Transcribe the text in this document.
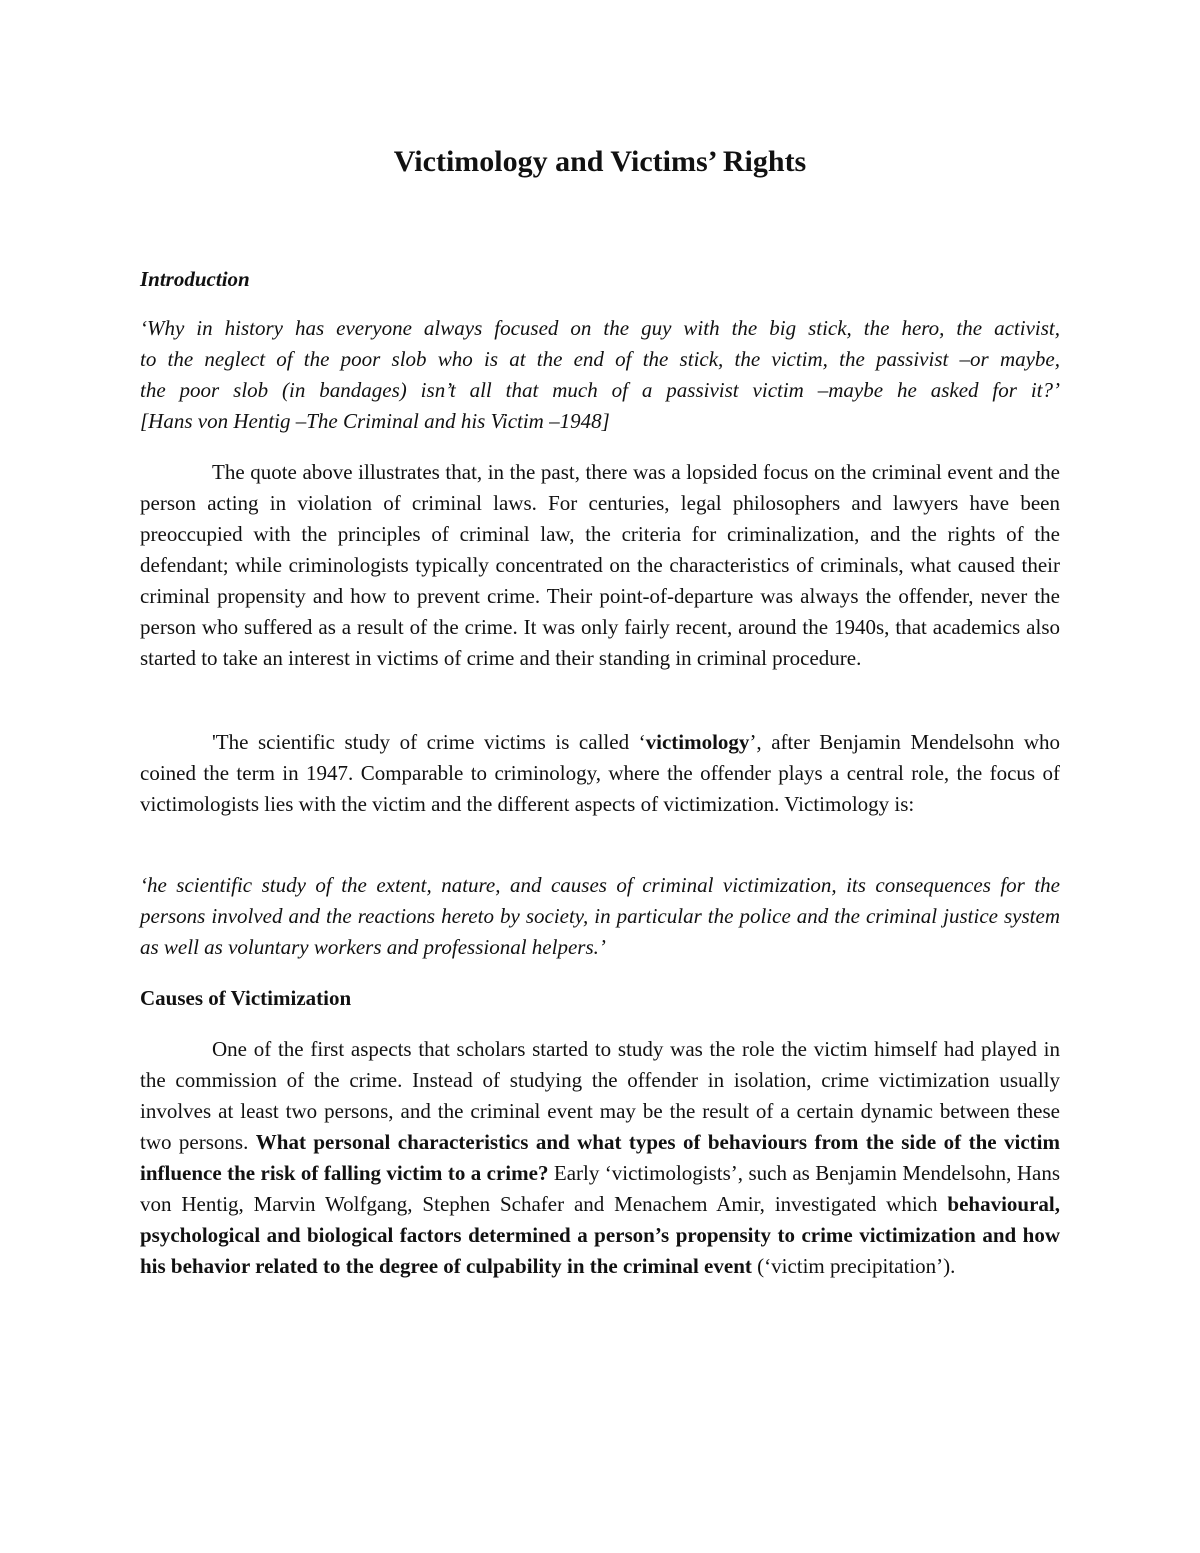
Victimology and Victims’ Rights
Introduction
‘Why in history has everyone always focused on the guy with the big stick, the hero, the activist,
to the neglect of the poor slob who is at the end of the stick, the victim, the passivist –or maybe,
the poor slob (in bandages) isn’t all that much of a passivist victim –maybe he asked for it?’
[Hans von Hentig –The Criminal and his Victim –1948]

The quote above illustrates that, in the past, there was a lopsided focus on the criminal event and the person acting in violation of criminal laws. For centuries, legal philosophers and lawyers have been preoccupied with the principles of criminal law, the criteria for criminalization, and the rights of the defendant; while criminologists typically concentrated on the characteristics of criminals, what caused their criminal propensity and how to prevent crime. Their point-of-departure was always the offender, never the person who suffered as a result of the crime. It was only fairly recent, around the 1940s, that academics also started to take an interest in victims of crime and their standing in criminal procedure.

'The scientific study of crime victims is called ‘victimology’, after Benjamin Mendelsohn who coined the term in 1947. Comparable to criminology, where the offender plays a central role, the focus of victimologists lies with the victim and the different aspects of victimization. Victimology is:

‘he scientific study of the extent, nature, and causes of criminal victimization, its consequences for the persons involved and the reactions hereto by society, in particular the police and the criminal justice system as well as voluntary workers and professional helpers.’

Causes of Victimization

One of the first aspects that scholars started to study was the role the victim himself had played in the commission of the crime. Instead of studying the offender in isolation, crime victimization usually involves at least two persons, and the criminal event may be the result of a certain dynamic between these two persons. What personal characteristics and what types of behaviours from the side of the victim influence the risk of falling victim to a crime? Early ‘victimologists’, such as Benjamin Mendelsohn, Hans von Hentig, Marvin Wolfgang, Stephen Schafer and Menachem Amir, investigated which behavioural, psychological and biological factors determined a person’s propensity to crime victimization and how his behavior related to the degree of culpability in the criminal event (‘victim precipitation’).
